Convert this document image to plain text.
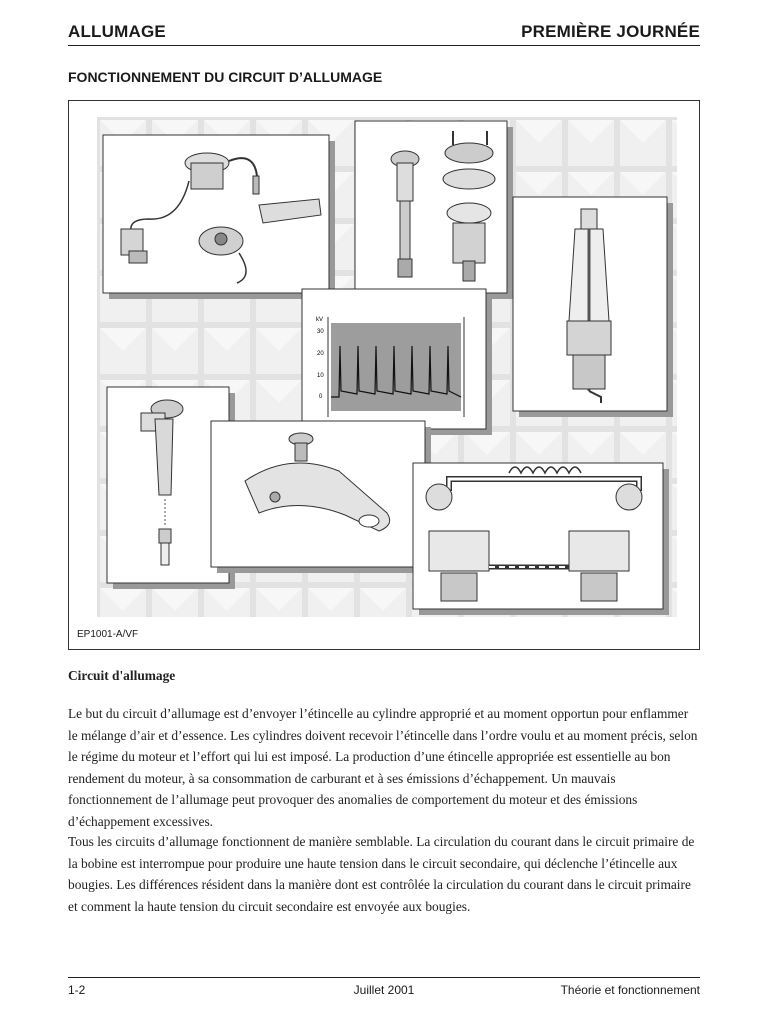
ALLUMAGE	PREMIÈRE JOURNÉE
FONCTIONNEMENT DU CIRCUIT D’ALLUMAGE
kV
30
20
10
0
EP1001-A/VF
Circuit d'allumage
Le but du circuit d’allumage est d’envoyer l’étincelle au cylindre approprié et au moment opportun pour enflammer le mélange d’air et d’essence. Les cylindres doivent recevoir l’étincelle dans l’ordre voulu et au moment précis, selon le régime du moteur et l’effort qui lui est imposé. La production d’une étincelle appropriée est essentielle au bon rendement du moteur, à sa consommation de carburant et à ses émissions d’échappement. Un mauvais fonctionnement de l’allumage peut provoquer des anomalies de comportement du moteur et des émissions d’échappement excessives.
Tous les circuits d’allumage fonctionnent de manière semblable. La circulation du courant dans le circuit primaire de la bobine est interrompue pour produire une haute tension dans le circuit secondaire, qui déclenche l’étincelle aux bougies. Les différences résident dans la manière dont est contrôlée la circulation du courant dans le circuit primaire et comment la haute tension du circuit secondaire est envoyée aux bougies.
1-2	Juillet 2001	Théorie et fonctionnement
